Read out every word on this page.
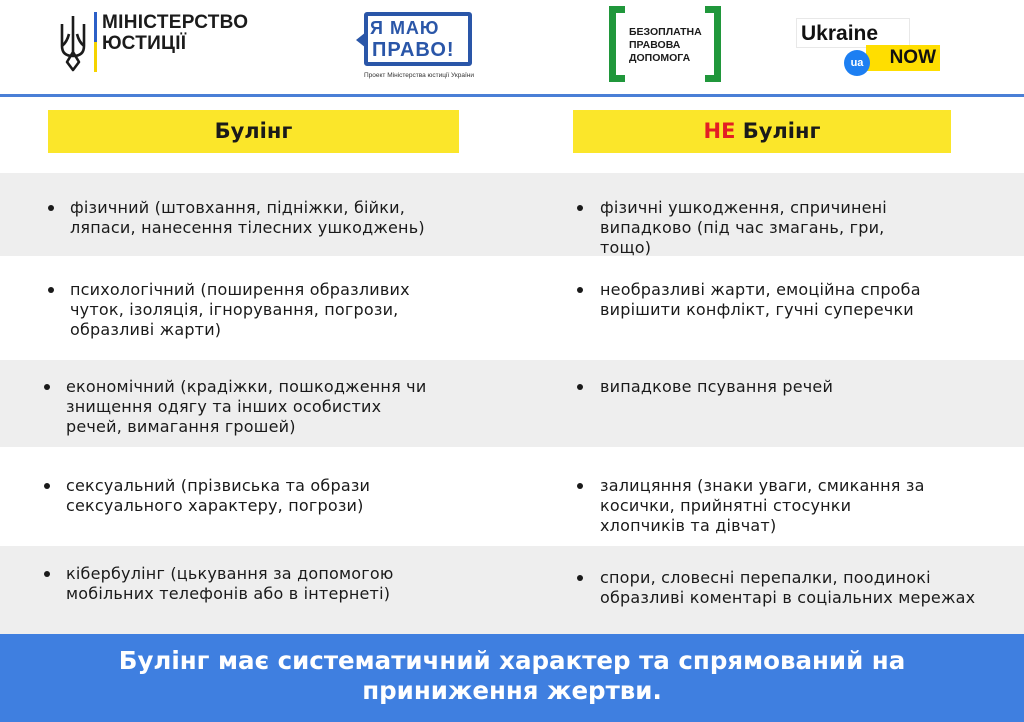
МІНІСТЕРСТВО
ЮСТИЦІЇ
Я МАЮ
ПРАВО!
Проект Міністерства юстиції України
БЕЗОПЛАТНА
ПРАВОВА
ДОПОМОГА
Ukraine
NOW
ua
Булінг	НЕ Булінг
Булінг має систематичний характер та спрямований на
приниження жертви.
фізичний (штовхання, підніжки, бійки,
ляпаси, нанесення тілесних ушкоджень)
фізичні ушкодження, спричинені
випадково (під час змагань, гри,
тощо)
психологічний (поширення образливих
чуток, ізоляція, ігнорування, погрози,
образливі жарти)
необразливі жарти, емоційна спроба
вирішити конфлікт, гучні суперечки
економічний (крадіжки, пошкодження чи
знищення одягу та інших особистих
речей, вимагання грошей)
випадкове псування речей
сексуальний (прізвиська та образи
сексуального характеру, погрози)
залицяння (знаки уваги, смикання за
косички, прийнятні стосунки
хлопчиків та дівчат)
кібербулінг (цькування за допомогою
мобільних телефонів або в інтернеті)
спори, словесні перепалки, поодинокі
образливі коментарі в соціальних мережах
